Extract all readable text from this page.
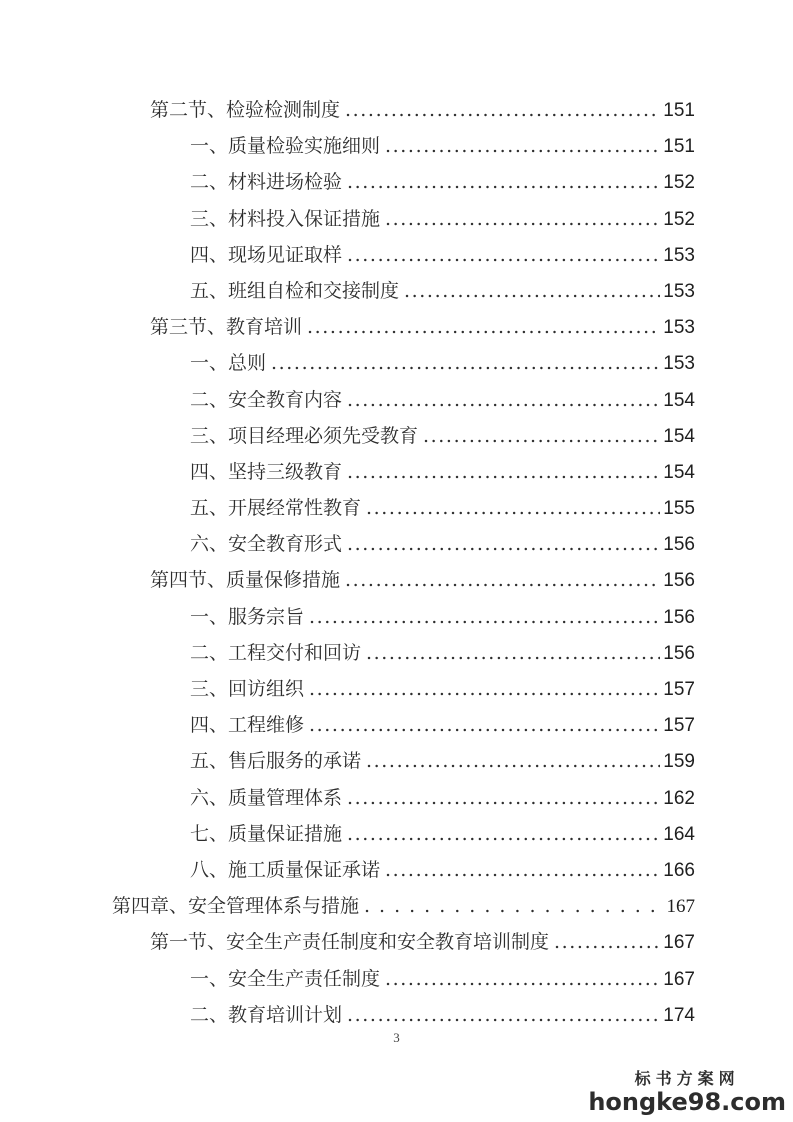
第二节、检验检测制度 .....	151
一、质量检验实施细则 .....	151
二、材料进场检验 .....	152
三、材料投入保证措施 .....	152
四、现场见证取样 .....	153
五、班组自检和交接制度 .....	153
第三节、教育培训 .....	153
一、总则 .....	153
二、安全教育内容 .....	154
三、项目经理必须先受教育 .....	154
四、坚持三级教育 .....	154
五、开展经常性教育 .....	155
六、安全教育形式 .....	156
第四节、质量保修措施 .....	156
一、服务宗旨 .....	156
二、工程交付和回访 .....	156
三、回访组织 .....	157
四、工程维修 .....	157
五、售后服务的承诺 .....	159
六、质量管理体系 .....	162
七、质量保证措施 .....	164
八、施工质量保证承诺 .....	166
第四章、安全管理体系与措施 .....	167
第一节、安全生产责任制度和安全教育培训制度 .....	167
一、安全生产责任制度 .....	167
二、教育培训计划 .....	174
3
标书方案网
hongke98.com
